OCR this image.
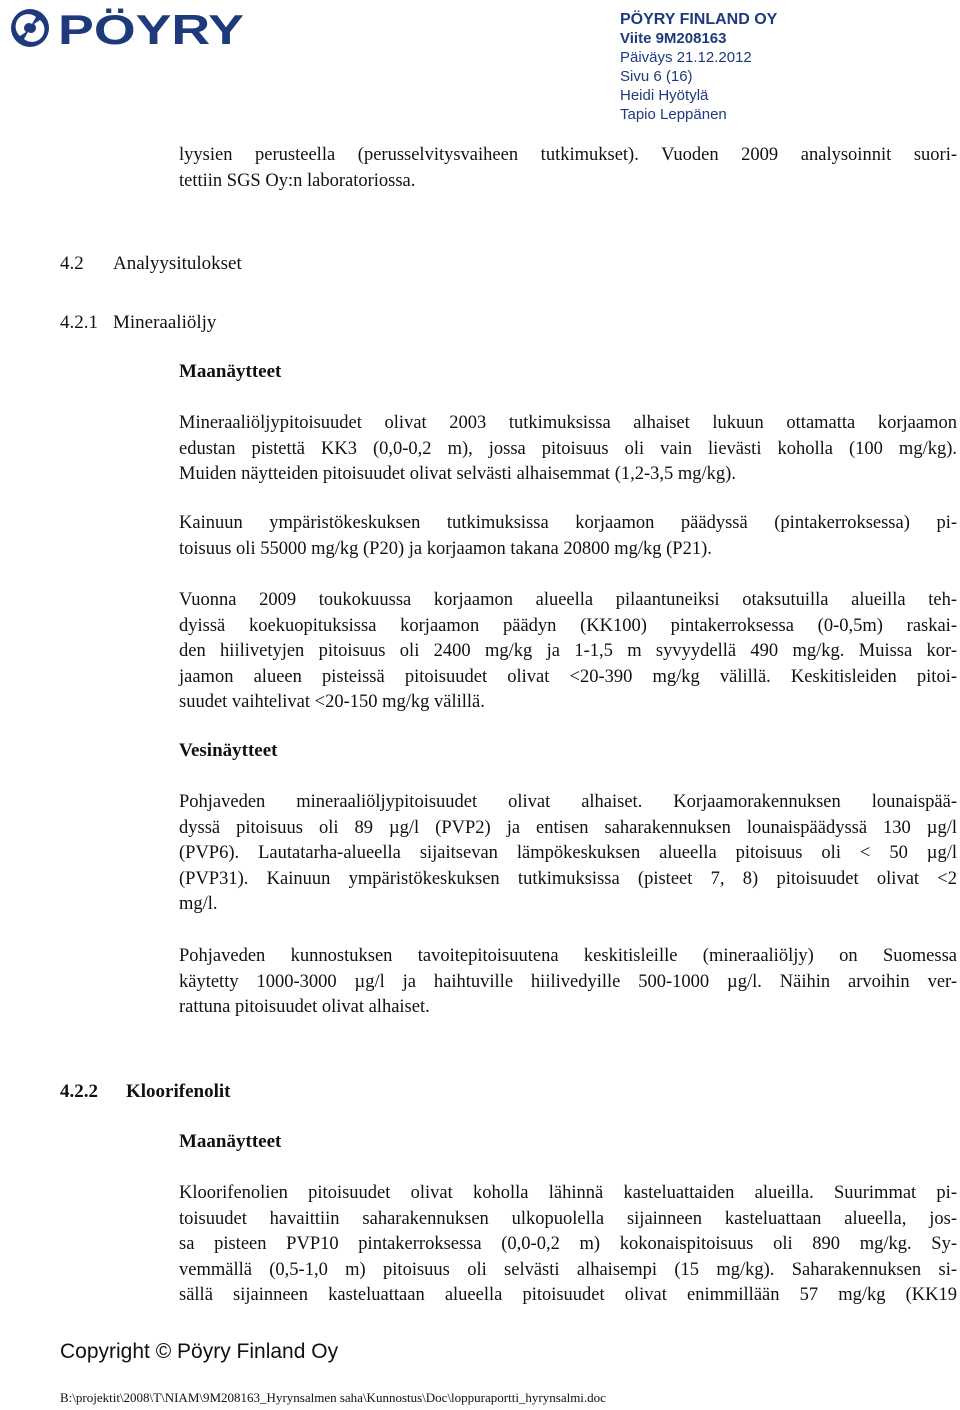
PÖYRY	PÖYRY FINLAND OY
Viite 9M208163
Päiväys 21.12.2012
Sivu 6 (16)
Heidi Hyötylä
Tapio Leppänen
lyysien perusteella (perusselvitysvaiheen tutkimukset). Vuoden 2009 analysoinnit suori-
tettiin SGS Oy:n laboratoriossa.
4.2 Analyysitulokset
4.2.1 Mineraaliöljy
Maanäytteet
Mineraaliöljypitoisuudet olivat 2003 tutkimuksissa alhaiset lukuun ottamatta korjaamon
edustan pistettä KK3 (0,0-0,2 m), jossa pitoisuus oli vain lievästi koholla (100 mg/kg).
Muiden näytteiden pitoisuudet olivat selvästi alhaisemmat (1,2-3,5 mg/kg).
Kainuun ympäristökeskuksen tutkimuksissa korjaamon päädyssä (pintakerroksessa) pi-
toisuus oli 55000 mg/kg (P20) ja korjaamon takana 20800 mg/kg (P21).
Vuonna 2009 toukokuussa korjaamon alueella pilaantuneiksi otaksutuilla alueilla teh-
dyissä koekuopituksissa korjaamon päädyn (KK100) pintakerroksessa (0-0,5m) raskai-
den hiilivetyjen pitoisuus oli 2400 mg/kg ja 1-1,5 m syvyydellä 490 mg/kg. Muissa kor-
jaamon alueen pisteissä pitoisuudet olivat <20-390 mg/kg välillä. Keskitisleiden pitoi-
suudet vaihtelivat <20-150 mg/kg välillä.
Vesinäytteet
Pohjaveden mineraaliöljypitoisuudet olivat alhaiset. Korjaamorakennuksen lounaispää-
dyssä pitoisuus oli 89 µg/l (PVP2) ja entisen saharakennuksen lounaispäädyssä 130 µg/l
(PVP6). Lautatarha-alueella sijaitsevan lämpökeskuksen alueella pitoisuus oli < 50 µg/l
(PVP31). Kainuun ympäristökeskuksen tutkimuksissa (pisteet 7, 8) pitoisuudet olivat <2
mg/l.
Pohjaveden kunnostuksen tavoitepitoisuutena keskitisleille (mineraaliöljy) on Suomessa
käytetty 1000-3000 µg/l ja haihtuville hiilivedyille 500-1000 µg/l. Näihin arvoihin ver-
rattuna pitoisuudet olivat alhaiset.
4.2.2 Kloorifenolit
Maanäytteet
Kloorifenolien pitoisuudet olivat koholla lähinnä kasteluattaiden alueilla. Suurimmat pi-
toisuudet havaittiin saharakennuksen ulkopuolella sijainneen kasteluattaan alueella, jos-
sa pisteen PVP10 pintakerroksessa (0,0-0,2 m) kokonaispitoisuus oli 890 mg/kg. Sy-
vemmällä (0,5-1,0 m) pitoisuus oli selvästi alhaisempi (15 mg/kg). Saharakennuksen si-
sällä sijainneen kasteluattaan alueella pitoisuudet olivat enimmillään 57 mg/kg (KK19
Copyright © Pöyry Finland Oy
B:\projektit\2008\T\NIAM\9M208163_Hyrynsalmen saha\Kunnostus\Doc\loppuraportti_hyrynsalmi.doc
